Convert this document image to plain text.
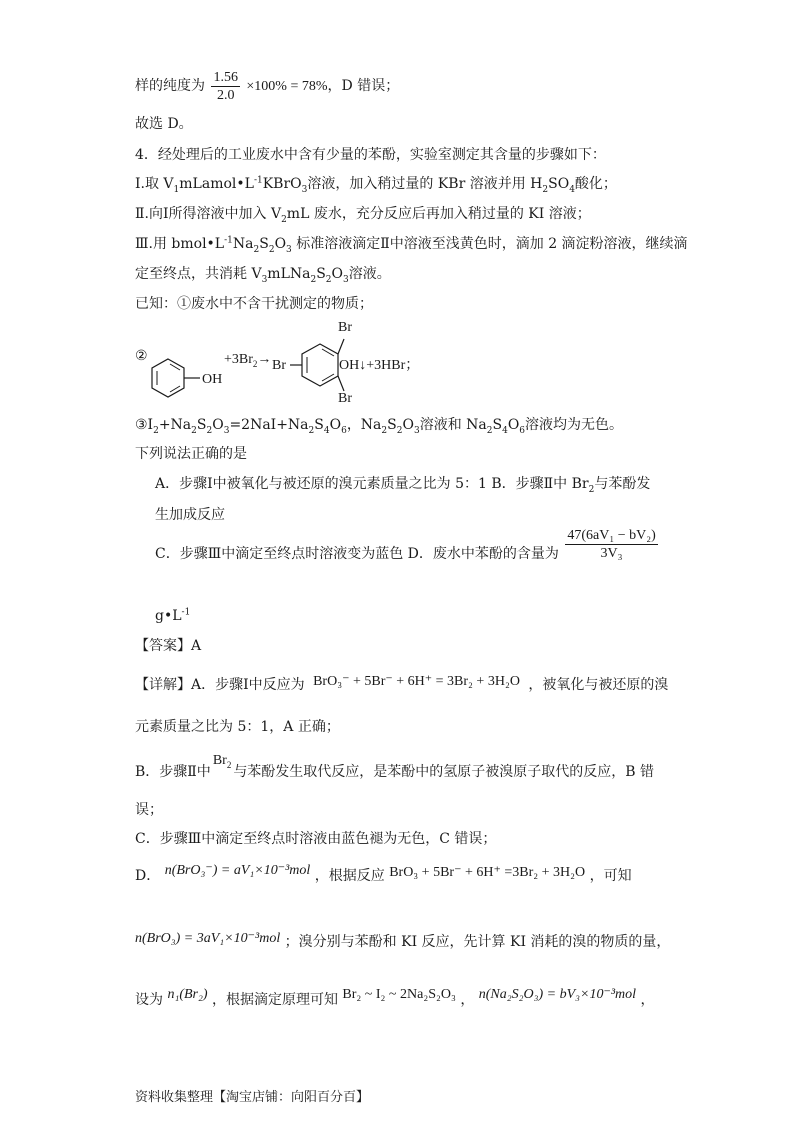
样的纯度为 $\frac{1.56}{2.0} \times 100\% = 78\%$，D 错误；
故选 D。
4．经处理后的工业废水中含有少量的苯酚，实验室测定其含量的步骤如下：
Ⅰ.取 $V_1mLamol•L^{-1}KBrO_3$溶液，加入稍过量的 KBr 溶液并用 $H_2SO_4$酸化；
Ⅱ.向Ⅰ所得溶液中加入 $V_2mL$ 废水，充分反应后再加入稍过量的 KI 溶液；
Ⅲ.用 $bmol•L^{-1}Na_2S_2O_3$ 标准溶液滴定Ⅱ中溶液至浅黄色时，滴加 2 滴淀粉溶液，继续滴
定至终点，共消耗 $V_3mLNa_2S_2O_3$溶液。
已知：①废水中不含干扰测定的物质；
②
OH
$+3Br_2\to Br$
Br
Br
OH↓+3HBr；
$③I_2+Na_2S_2O_3=2NaI+Na_2S_4O_6$，$Na_2S_2O_3$溶液和 $Na_2S_4O_6$溶液均为无色。
下列说法正确的是
A．步骤Ⅰ中被氧化与被还原的溴元素质量之比为 5：1 B．步骤Ⅱ中 $Br_2$与苯酚发
生加成反应
C．步骤Ⅲ中滴定至终点时溶液变为蓝色 D．废水中苯酚的含量为 $\frac{\text{47(6aV₁ − bV₂)}}{\text{3V₃}}$
$g•L^{-1}$
【答案】A
【详解】A．步骤Ⅰ中反应为 BrO₃⁻ + 5Br⁻ + 6H⁺ = 3Br₂ + 3H₂O ，被氧化与被还原的溴
元素质量之比为 5：1，A 正确；
B．步骤Ⅱ中$Br_2$ 与苯酚发生取代反应，是苯酚中的氢原子被溴原子取代的反应，B 错
误；
C．步骤Ⅲ中滴定至终点时溶液由蓝色褪为无色，C 错误；
D． n(BrO₃⁻) = aV₁×10⁻³mol ，根据反应 BrO₃ + 5Br⁻ + 6H⁺ =3Br₂ + 3H₂O ，可知
n(BrO₃) = 3aV₁×10⁻³mol ；溴分别与苯酚和 KI 反应，先计算 KI 消耗的溴的物质的量，
设为 n₁(Br₂) ，根据滴定原理可知 Br₂ ~ I₂ ~ 2Na₂S₂O₃ ， n(Na₂S₂O₃) = bV₃×10⁻³mol ，
资料收集整理【淘宝店铺：向阳百分百】
